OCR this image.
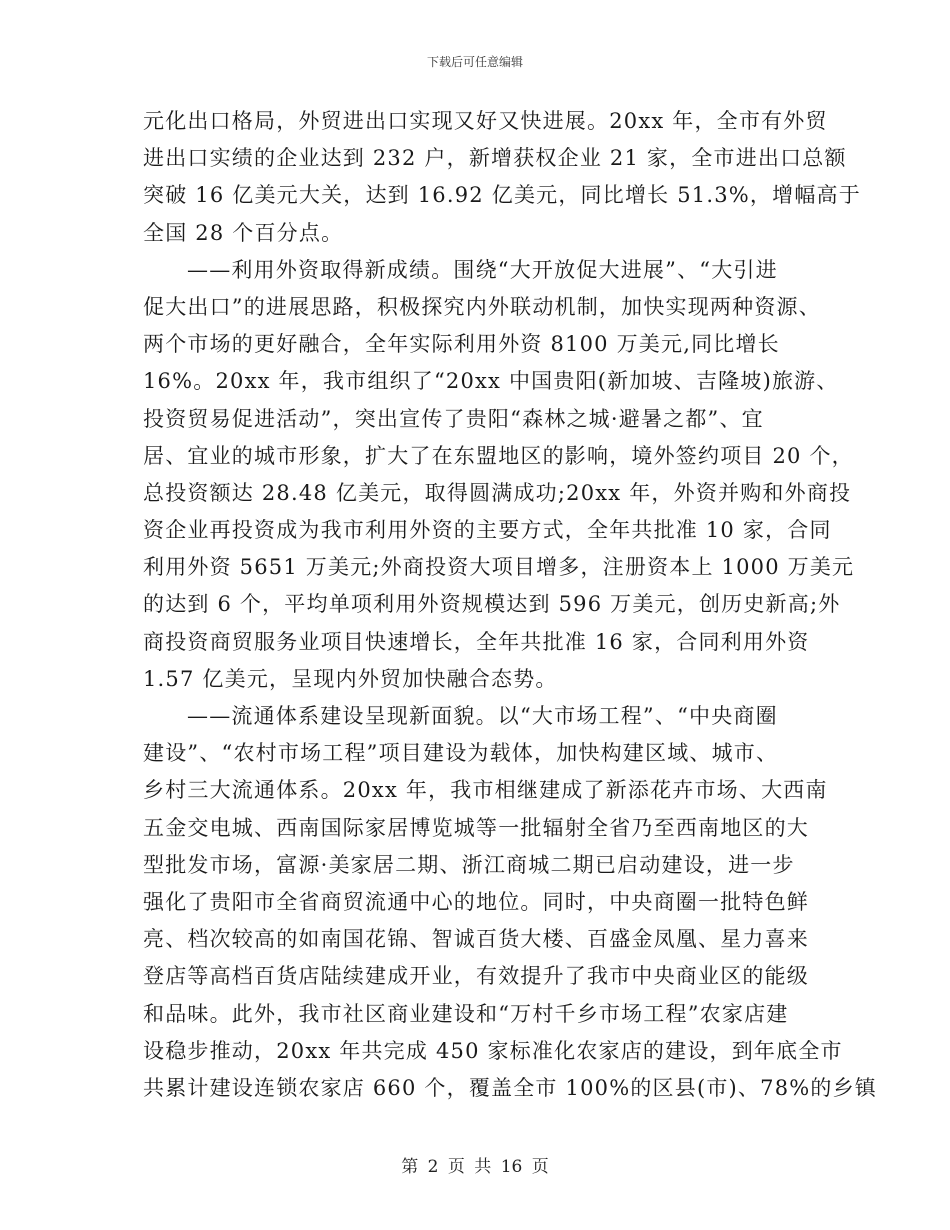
下载后可任意编辑
元化出口格局，外贸进出口实现又好又快进展。20xx 年，全市有外贸
进出口实绩的企业达到 232 户，新增获权企业 21 家，全市进出口总额
突破 16 亿美元大关，达到 16.92 亿美元，同比增长 51.3%，增幅高于
全国 28 个百分点。
——利用外资取得新成绩。围绕“大开放促大进展”、“大引进
促大出口”的进展思路，积极探究内外联动机制，加快实现两种资源、
两个市场的更好融合，全年实际利用外资 8100 万美元,同比增长
16%。20xx 年，我市组织了“20xx 中国贵阳(新加坡、吉隆坡)旅游、
投资贸易促进活动”，突出宣传了贵阳“森林之城·避暑之都”、宜
居、宜业的城市形象，扩大了在东盟地区的影响，境外签约项目 20 个，
总投资额达 28.48 亿美元，取得圆满成功;20xx 年，外资并购和外商投
资企业再投资成为我市利用外资的主要方式，全年共批准 10 家，合同
利用外资 5651 万美元;外商投资大项目增多，注册资本上 1000 万美元
的达到 6 个，平均单项利用外资规模达到 596 万美元，创历史新高;外
商投资商贸服务业项目快速增长，全年共批准 16 家，合同利用外资
1.57 亿美元，呈现内外贸加快融合态势。
——流通体系建设呈现新面貌。以“大市场工程”、“中央商圈
建设”、“农村市场工程”项目建设为载体，加快构建区域、城市、
乡村三大流通体系。20xx 年，我市相继建成了新添花卉市场、大西南
五金交电城、西南国际家居博览城等一批辐射全省乃至西南地区的大
型批发市场，富源·美家居二期、浙江商城二期已启动建设，进一步
强化了贵阳市全省商贸流通中心的地位。同时，中央商圈一批特色鲜
亮、档次较高的如南国花锦、智诚百货大楼、百盛金凤凰、星力喜来
登店等高档百货店陆续建成开业，有效提升了我市中央商业区的能级
和品味。此外，我市社区商业建设和“万村千乡市场工程”农家店建
设稳步推动，20xx 年共完成 450 家标准化农家店的建设，到年底全市
共累计建设连锁农家店 660 个，覆盖全市 100%的区县(市)、78%的乡镇
第 2 页 共 16 页
